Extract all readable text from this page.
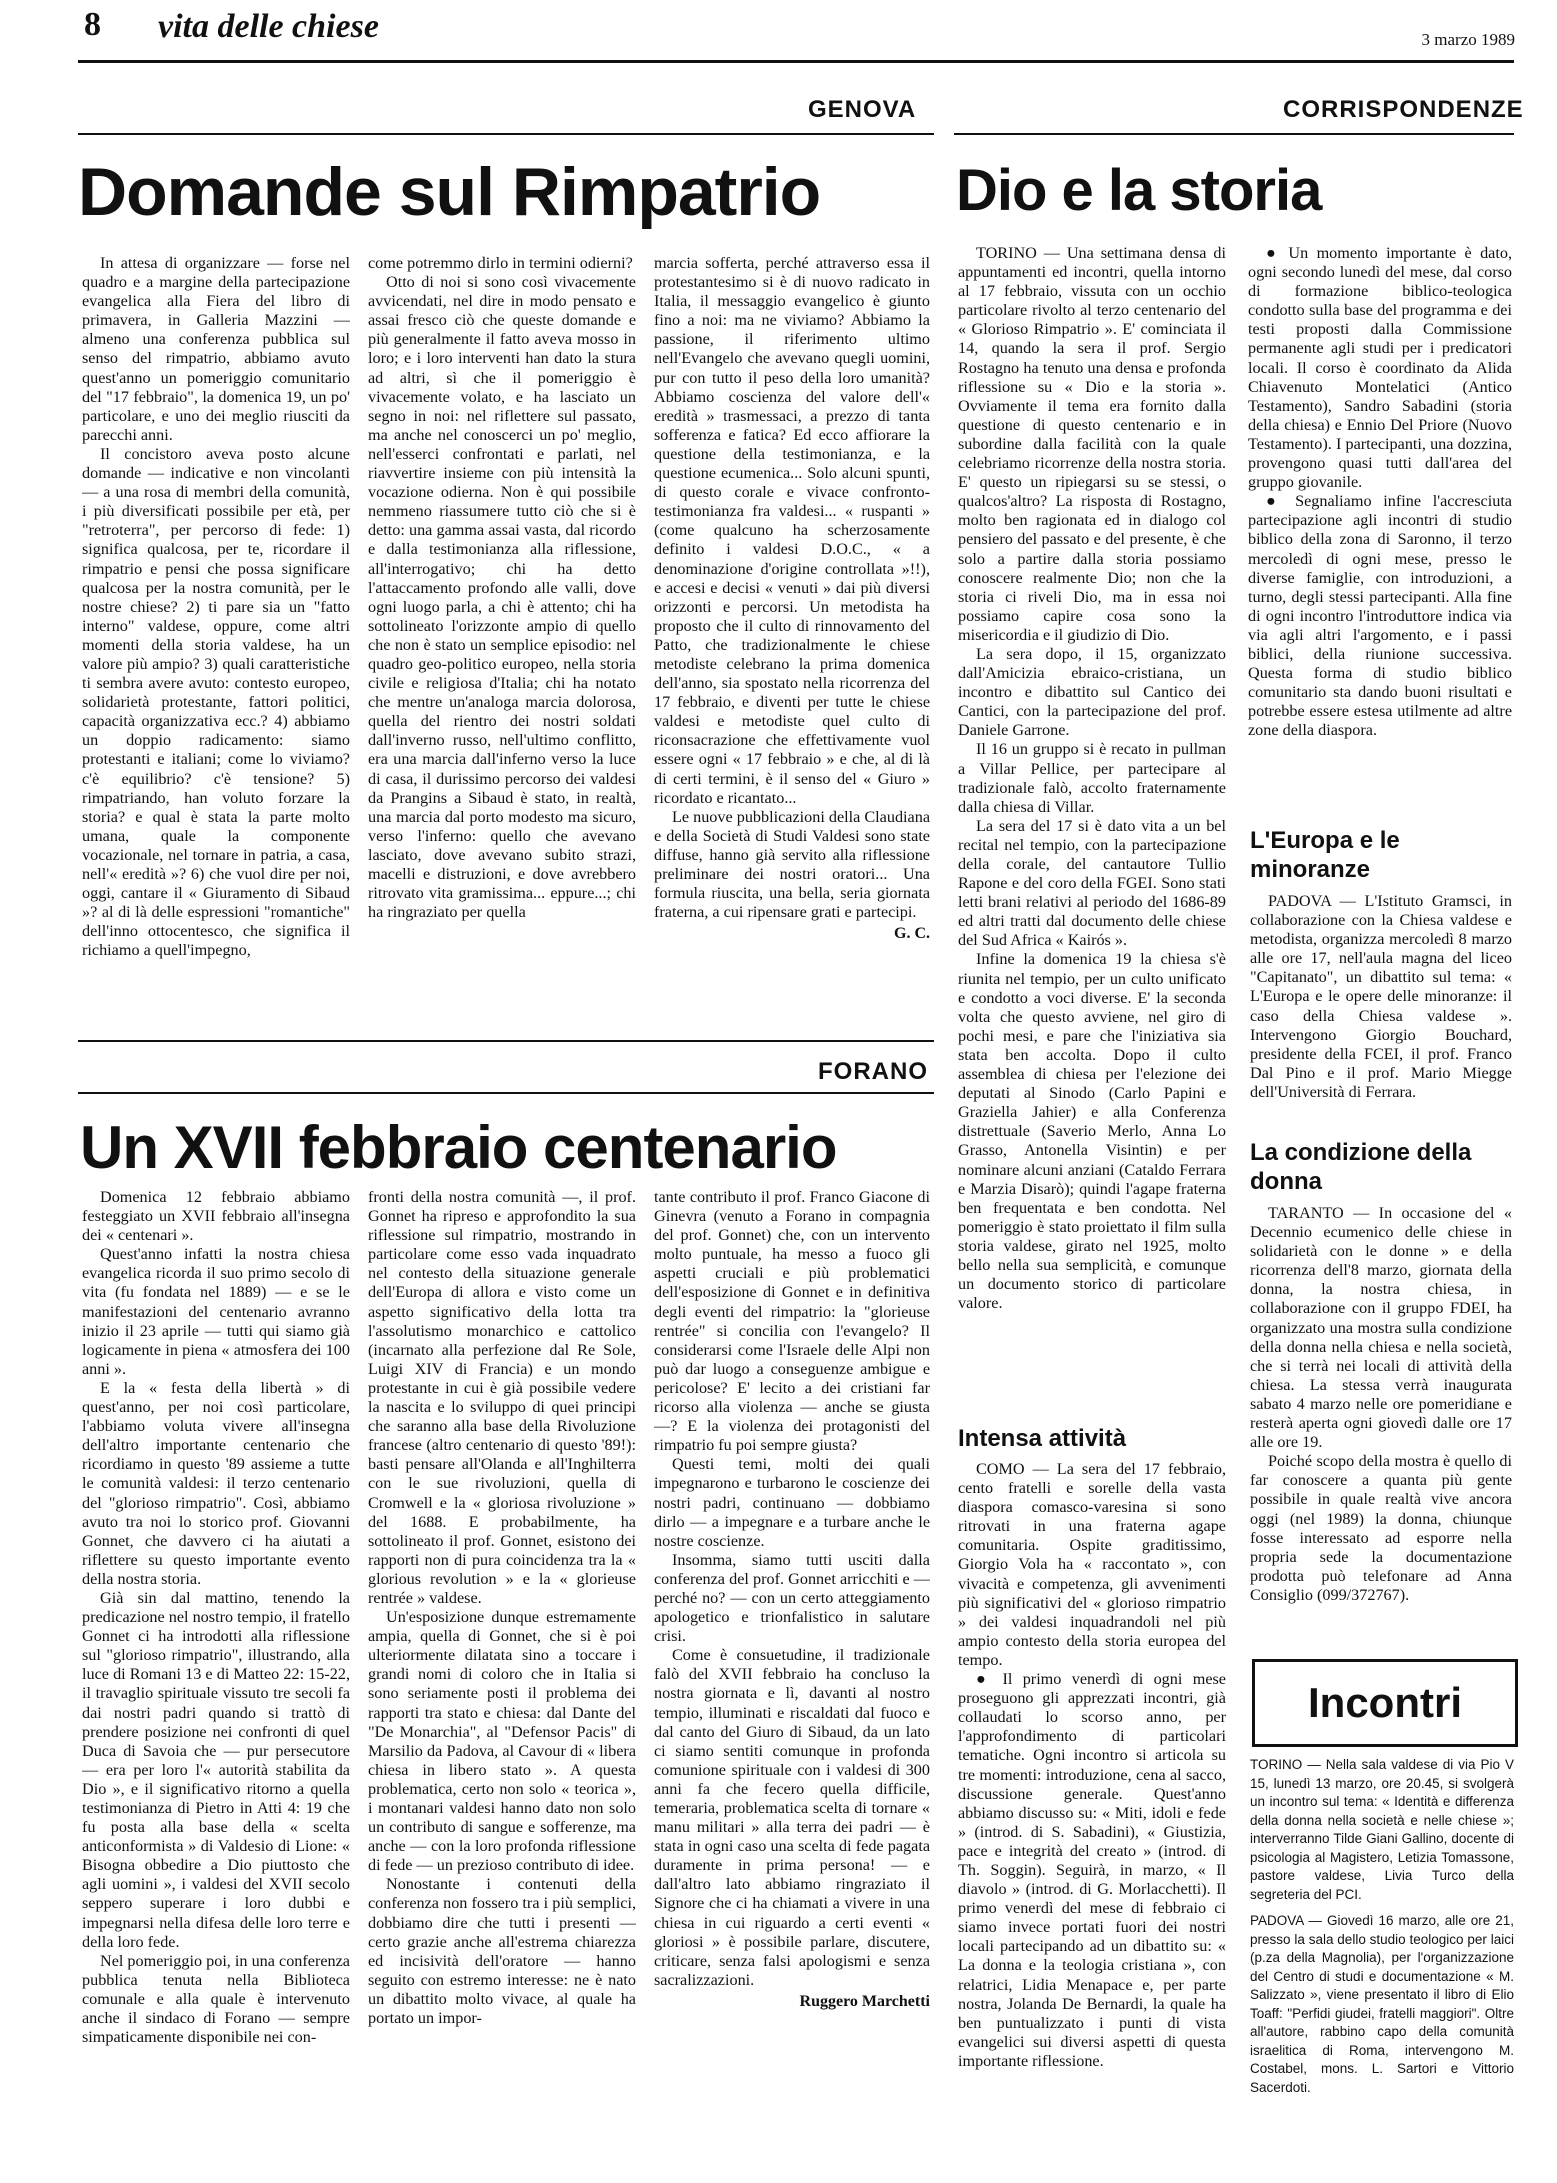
8 vita delle chiese	3 marzo 1989
GENOVA
Domande sul Rimpatrio

In attesa di organizzare — forse nel quadro e a margine della partecipazione evangelica alla Fiera del libro di primavera, in Galleria Mazzini — almeno una conferenza pubblica sul senso del rimpatrio, abbiamo avuto quest'anno un pomeriggio comunitario del "17 febbraio", la domenica 19, un po' particolare, e uno dei meglio riusciti da parecchi anni.

Il concistoro aveva posto alcune domande — indicative e non vincolanti — a una rosa di membri della comunità, i più diversificati possibile per età, per "retroterra", per percorso di fede: 1) significa qualcosa, per te, ricordare il rimpatrio e pensi che possa significare qualcosa per la nostra comunità, per le nostre chiese? 2) ti pare sia un "fatto interno" valdese, oppure, come altri momenti della storia valdese, ha un valore più ampio? 3) quali caratteristiche ti sembra avere avuto: contesto europeo, solidarietà protestante, fattori politici, capacità organizzativa ecc.? 4) abbiamo un doppio radicamento: siamo protestanti e italiani; come lo viviamo? c'è equilibrio? c'è tensione? 5) rimpatriando, han voluto forzare la storia? e qual è stata la parte molto umana, quale la componente vocazionale, nel tornare in patria, a casa, nell'« eredità »? 6) che vuol dire per noi, oggi, cantare il « Giuramento di Sibaud »? al di là delle espressioni "romantiche" dell'inno ottocentesco, che significa il richiamo a quell'impegno,

come potremmo dirlo in termini odierni?

Otto di noi si sono così vivacemente avvicendati, nel dire in modo pensato e assai fresco ciò che queste domande e più generalmente il fatto aveva mosso in loro; e i loro interventi han dato la stura ad altri, sì che il pomeriggio è vivacemente volato, e ha lasciato un segno in noi: nel riflettere sul passato, ma anche nel conoscerci un po' meglio, nell'esserci confrontati e parlati, nel riavvertire insieme con più intensità la vocazione odierna. Non è qui possibile nemmeno riassumere tutto ciò che si è detto: una gamma assai vasta, dal ricordo e dalla testimonianza alla riflessione, all'interrogativo; chi ha detto l'attaccamento profondo alle valli, dove ogni luogo parla, a chi è attento; chi ha sottolineato l'orizzonte ampio di quello che non è stato un semplice episodio: nel quadro geo-politico europeo, nella storia civile e religiosa d'Italia; chi ha notato che mentre un'analoga marcia dolorosa, quella del rientro dei nostri soldati dall'inverno russo, nell'ultimo conflitto, era una marcia dall'inferno verso la luce di casa, il durissimo percorso dei valdesi da Prangins a Sibaud è stato, in realtà, una marcia dal porto modesto ma sicuro, verso l'inferno: quello che avevano lasciato, dove avevano subito strazi, macelli e distruzioni, e dove avrebbero ritrovato vita gramissima... eppure...; chi ha ringraziato per quella

marcia sofferta, perché attraverso essa il protestantesimo si è di nuovo radicato in Italia, il messaggio evangelico è giunto fino a noi: ma ne viviamo? Abbiamo la passione, il riferimento ultimo nell'Evangelo che avevano quegli uomini, pur con tutto il peso della loro umanità? Abbiamo coscienza del valore dell'« eredità » trasmessaci, a prezzo di tanta sofferenza e fatica? Ed ecco affiorare la questione della testimonianza, e la questione ecumenica... Solo alcuni spunti, di questo corale e vivace confronto-testimonianza fra valdesi... « ruspanti » (come qualcuno ha scherzosamente definito i valdesi D.O.C., « a denominazione d'origine controllata »!!), e accesi e decisi « venuti » dai più diversi orizzonti e percorsi. Un metodista ha proposto che il culto di rinnovamento del Patto, che tradizionalmente le chiese metodiste celebrano la prima domenica dell'anno, sia spostato nella ricorrenza del 17 febbraio, e diventi per tutte le chiese valdesi e metodiste quel culto di riconsacrazione che effettivamente vuol essere ogni « 17 febbraio » e che, al di là di certi termini, è il senso del « Giuro » ricordato e ricantato...

Le nuove pubblicazioni della Claudiana e della Società di Studi Valdesi sono state diffuse, hanno già servito alla riflessione preliminare dei nostri oratori... Una formula riuscita, una bella, seria giornata fraterna, a cui ripensare grati e partecipi.

G. C.
CORRISPONDENZE
Dio e la storia

TORINO — Una settimana densa di appuntamenti ed incontri, quella intorno al 17 febbraio, vissuta con un occhio particolare rivolto al terzo centenario del « Glorioso Rimpatrio ». E' cominciata il 14, quando la sera il prof. Sergio Rostagno ha tenuto una densa e profonda riflessione su « Dio e la storia ». Ovviamente il tema era fornito dalla questione di questo centenario e in subordine dalla facilità con la quale celebriamo ricorrenze della nostra storia. E' questo un ripiegarsi su se stessi, o qualcos'altro? La risposta di Rostagno, molto ben ragionata ed in dialogo col pensiero del passato e del presente, è che solo a partire dalla storia possiamo conoscere realmente Dio; non che la storia ci riveli Dio, ma in essa noi possiamo capire cosa sono la misericordia e il giudizio di Dio.

La sera dopo, il 15, organizzato dall'Amicizia ebraico-cristiana, un incontro e dibattito sul Cantico dei Cantici, con la partecipazione del prof. Daniele Garrone.

Il 16 un gruppo si è recato in pullman a Villar Pellice, per partecipare al tradizionale falò, accolto fraternamente dalla chiesa di Villar.

La sera del 17 si è dato vita a un bel recital nel tempio, con la partecipazione della corale, del cantautore Tullio Rapone e del coro della FGEI. Sono stati letti brani relativi al periodo del 1686-89 ed altri tratti dal documento delle chiese del Sud Africa « Kairós ».

Infine la domenica 19 la chiesa s'è riunita nel tempio, per un culto unificato e condotto a voci diverse. E' la seconda volta che questo avviene, nel giro di pochi mesi, e pare che l'iniziativa sia stata ben accolta. Dopo il culto assemblea di chiesa per l'elezione dei deputati al Sinodo (Carlo Papini e Graziella Jahier) e alla Conferenza distrettuale (Saverio Merlo, Anna Lo Grasso, Antonella Visintin) e per nominare alcuni anziani (Cataldo Ferrara e Marzia Disarò); quindi l'agape fraterna ben frequentata e ben condotta. Nel pomeriggio è stato proiettato il film sulla storia valdese, girato nel 1925, molto bello nella sua semplicità, e comunque un documento storico di particolare valore.

● Un momento importante è dato, ogni secondo lunedì del mese, dal corso di formazione biblico-teologica condotto sulla base del programma e dei testi proposti dalla Commissione permanente agli studi per i predicatori locali. Il corso è coordinato da Alida Chiavenuto Montelatici (Antico Testamento), Sandro Sabadini (storia della chiesa) e Ennio Del Priore (Nuovo Testamento). I partecipanti, una dozzina, provengono quasi tutti dall'area del gruppo giovanile.

● Segnaliamo infine l'accresciuta partecipazione agli incontri di studio biblico della zona di Saronno, il terzo mercoledì di ogni mese, presso le diverse famiglie, con introduzioni, a turno, degli stessi partecipanti. Alla fine di ogni incontro l'introduttore indica via via agli altri l'argomento, e i passi biblici, della riunione successiva. Questa forma di studio biblico comunitario sta dando buoni risultati e potrebbe essere estesa utilmente ad altre zone della diaspora.

L'Europa e le minoranze

PADOVA — L'Istituto Gramsci, in collaborazione con la Chiesa valdese e metodista, organizza mercoledì 8 marzo alle ore 17, nell'aula magna del liceo "Capitanato", un dibattito sul tema: « L'Europa e le opere delle minoranze: il caso della Chiesa valdese ». Intervengono Giorgio Bouchard, presidente della FCEI, il prof. Franco Dal Pino e il prof. Mario Miegge dell'Università di Ferrara.

La condizione della donna

TARANTO — In occasione del « Decennio ecumenico delle chiese in solidarietà con le donne » e della ricorrenza dell'8 marzo, giornata della donna, la nostra chiesa, in collaborazione con il gruppo FDEI, ha organizzato una mostra sulla condizione della donna nella chiesa e nella società, che si terrà nei locali di attività della chiesa. La stessa verrà inaugurata sabato 4 marzo nelle ore pomeridiane e resterà aperta ogni giovedì dalle ore 17 alle ore 19.

Poiché scopo della mostra è quello di far conoscere a quanta più gente possibile in quale realtà vive ancora oggi (nel 1989) la donna, chiunque fosse interessato ad esporre nella propria sede la documentazione prodotta può telefonare ad Anna Consiglio (099/372767).

FORANO
Un XVII febbraio centenario

Domenica 12 febbraio abbiamo festeggiato un XVII febbraio all'insegna dei « centenari ».

Quest'anno infatti la nostra chiesa evangelica ricorda il suo primo secolo di vita (fu fondata nel 1889) — e se le manifestazioni del centenario avranno inizio il 23 aprile — tutti qui siamo già logicamente in piena « atmosfera dei 100 anni ».

E la « festa della libertà » di quest'anno, per noi così particolare, l'abbiamo voluta vivere all'insegna dell'altro importante centenario che ricordiamo in questo '89 assieme a tutte le comunità valdesi: il terzo centenario del "glorioso rimpatrio". Così, abbiamo avuto tra noi lo storico prof. Giovanni Gonnet, che davvero ci ha aiutati a riflettere su questo importante evento della nostra storia.

Già sin dal mattino, tenendo la predicazione nel nostro tempio, il fratello Gonnet ci ha introdotti alla riflessione sul "glorioso rimpatrio", illustrando, alla luce di Romani 13 e di Matteo 22: 15-22, il travaglio spirituale vissuto tre secoli fa dai nostri padri quando si trattò di prendere posizione nei confronti di quel Duca di Savoia che — pur persecutore — era per loro l'« autorità stabilita da Dio », e il significativo ritorno a quella testimonianza di Pietro in Atti 4: 19 che fu posta alla base della « scelta anticonformista » di Valdesio di Lione: « Bisogna obbedire a Dio piuttosto che agli uomini », i valdesi del XVII secolo seppero superare i loro dubbi e impegnarsi nella difesa delle loro terre e della loro fede.

Nel pomeriggio poi, in una conferenza pubblica tenuta nella Biblioteca comunale e alla quale è intervenuto anche il sindaco di Forano — sempre simpaticamente disponibile nei con-

fronti della nostra comunità —, il prof. Gonnet ha ripreso e approfondito la sua riflessione sul rimpatrio, mostrando in particolare come esso vada inquadrato nel contesto della situazione generale dell'Europa di allora e visto come un aspetto significativo della lotta tra l'assolutismo monarchico e cattolico (incarnato alla perfezione dal Re Sole, Luigi XIV di Francia) e un mondo protestante in cui è già possibile vedere la nascita e lo sviluppo di quei principi che saranno alla base della Rivoluzione francese (altro centenario di questo '89!): basti pensare all'Olanda e all'Inghilterra con le sue rivoluzioni, quella di Cromwell e la « gloriosa rivoluzione » del 1688. E probabilmente, ha sottolineato il prof. Gonnet, esistono dei rapporti non di pura coincidenza tra la « glorious revolution » e la « glorieuse rentrée » valdese.

Un'esposizione dunque estremamente ampia, quella di Gonnet, che si è poi ulteriormente dilatata sino a toccare i grandi nomi di coloro che in Italia si sono seriamente posti il problema dei rapporti tra stato e chiesa: dal Dante del "De Monarchia", al "Defensor Pacis" di Marsilio da Padova, al Cavour di « libera chiesa in libero stato ». A questa problematica, certo non solo « teorica », i montanari valdesi hanno dato non solo un contributo di sangue e sofferenze, ma anche — con la loro profonda riflessione di fede — un prezioso contributo di idee.

Nonostante i contenuti della conferenza non fossero tra i più semplici, dobbiamo dire che tutti i presenti — certo grazie anche all'estrema chiarezza ed incisività dell'oratore — hanno seguito con estremo interesse: ne è nato un dibattito molto vivace, al quale ha portato un impor-

tante contributo il prof. Franco Giacone di Ginevra (venuto a Forano in compagnia del prof. Gonnet) che, con un intervento molto puntuale, ha messo a fuoco gli aspetti cruciali e più problematici dell'esposizione di Gonnet e in definitiva degli eventi del rimpatrio: la "glorieuse rentrée" si concilia con l'evangelo? Il considerarsi come l'Israele delle Alpi non può dar luogo a conseguenze ambigue e pericolose? E' lecito a dei cristiani far ricorso alla violenza — anche se giusta —? E la violenza dei protagonisti del rimpatrio fu poi sempre giusta?

Questi temi, molti dei quali impegnarono e turbarono le coscienze dei nostri padri, continuano — dobbiamo dirlo — a impegnare e a turbare anche le nostre coscienze.

Insomma, siamo tutti usciti dalla conferenza del prof. Gonnet arricchiti e — perché no? — con un certo atteggiamento apologetico e trionfalistico in salutare crisi.

Come è consuetudine, il tradizionale falò del XVII febbraio ha concluso la nostra giornata e lì, davanti al nostro tempio, illuminati e riscaldati dal fuoco e dal canto del Giuro di Sibaud, da un lato ci siamo sentiti comunque in profonda comunione spirituale con i valdesi di 300 anni fa che fecero quella difficile, temeraria, problematica scelta di tornare « manu militari » alla terra dei padri — è stata in ogni caso una scelta di fede pagata duramente in prima persona! — e dall'altro lato abbiamo ringraziato il Signore che ci ha chiamati a vivere in una chiesa in cui riguardo a certi eventi « gloriosi » è possibile parlare, discutere, criticare, senza falsi apologismi e senza sacralizzazioni.

Ruggero Marchetti
Intensa attività

COMO — La sera del 17 febbraio, cento fratelli e sorelle della vasta diaspora comasco-varesina si sono ritrovati in una fraterna agape comunitaria. Ospite graditissimo, Giorgio Vola ha « raccontato », con vivacità e competenza, gli avvenimenti più significativi del « glorioso rimpatrio » dei valdesi inquadrandoli nel più ampio contesto della storia europea del tempo.

● Il primo venerdì di ogni mese proseguono gli apprezzati incontri, già collaudati lo scorso anno, per l'approfondimento di particolari tematiche. Ogni incontro si articola su tre momenti: introduzione, cena al sacco, discussione generale. Quest'anno abbiamo discusso su: « Miti, idoli e fede » (introd. di S. Sabadini), « Giustizia, pace e integrità del creato » (introd. di Th. Soggin). Seguirà, in marzo, « Il diavolo » (introd. di G. Morlacchetti). Il primo venerdì del mese di febbraio ci siamo invece portati fuori dei nostri locali partecipando ad un dibattito su: « La donna e la teologia cristiana », con relatrici, Lidia Menapace e, per parte nostra, Jolanda De Bernardi, la quale ha ben puntualizzato i punti di vista evangelici sui diversi aspetti di questa importante riflessione.

Incontri

TORINO — Nella sala valdese di via Pio V 15, lunedì 13 marzo, ore 20.45, si svolgerà un incontro sul tema: « Identità e differenza della donna nella società e nelle chiese »; interverranno Tilde Giani Gallino, docente di psicologia al Magistero, Letizia Tomassone, pastore valdese, Livia Turco della segreteria del PCI.

PADOVA — Giovedì 16 marzo, alle ore 21, presso la sala dello studio teologico per laici (p.za della Magnolia), per l'organizzazione del Centro di studi e documentazione « M. Salizzato », viene presentato il libro di Elio Toaff: "Perfidi giudei, fratelli maggiori". Oltre all'autore, rabbino capo della comunità israelitica di Roma, intervengono M. Costabel, mons. L. Sartori e Vittorio Sacerdoti.
